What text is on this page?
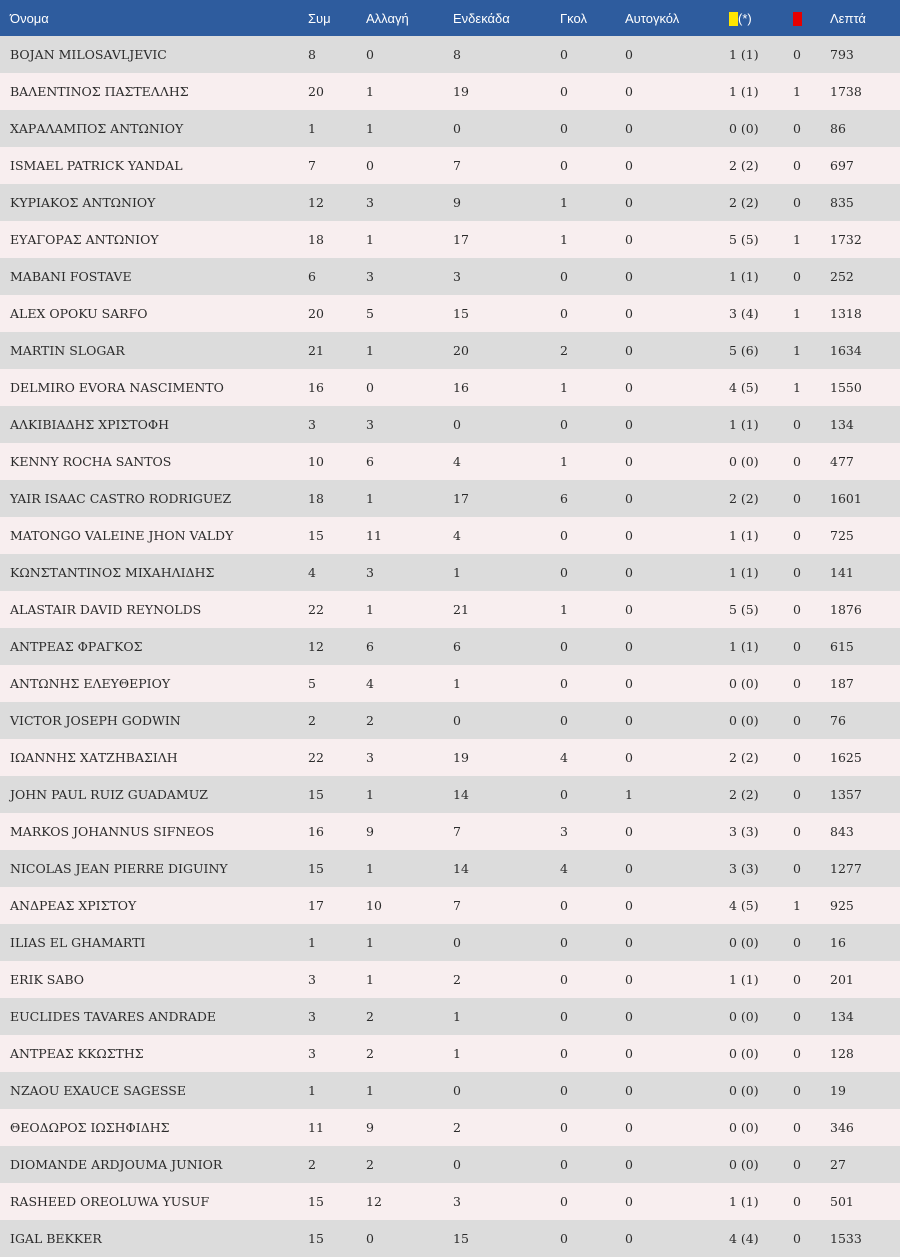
Όνομα	Συμ	Αλλαγή	Ενδεκάδα	Γκολ	Αυτογκόλ	(*)		Λεπτά
BOJAN MILOSAVLJEVIC	8	0	8	0	0	1 (1)	0	793
ΒΑΛΕΝΤΙΝΟΣ ΠΑΣΤΕΛΛΗΣ	20	1	19	0	0	1 (1)	1	1738
ΧΑΡΑΛΑΜΠΟΣ ΑΝΤΩΝΙΟΥ	1	1	0	0	0	0 (0)	0	86
ISMAEL PATRICK YANDAL	7	0	7	0	0	2 (2)	0	697
ΚΥΡΙΑΚΟΣ ΑΝΤΩΝΙΟΥ	12	3	9	1	0	2 (2)	0	835
ΕΥΑΓΟΡΑΣ ΑΝΤΩΝΙΟΥ	18	1	17	1	0	5 (5)	1	1732
MABANI FOSTAVE	6	3	3	0	0	1 (1)	0	252
ALEX OPOKU SARFO	20	5	15	0	0	3 (4)	1	1318
MARTIN SLOGAR	21	1	20	2	0	5 (6)	1	1634
DELMIRO EVORA NASCIMENTO	16	0	16	1	0	4 (5)	1	1550
ΑΛΚΙΒΙΑΔΗΣ ΧΡΙΣΤΟΦΗ	3	3	0	0	0	1 (1)	0	134
KENNY ROCHA SANTOS	10	6	4	1	0	0 (0)	0	477
YAIR ISAAC CASTRO RODRIGUEZ	18	1	17	6	0	2 (2)	0	1601
MATONGO VALEINE JHON VALDY	15	11	4	0	0	1 (1)	0	725
ΚΩΝΣΤΑΝΤΙΝΟΣ ΜΙΧΑΗΛΙΔΗΣ	4	3	1	0	0	1 (1)	0	141
ALASTAIR DAVID REYNOLDS	22	1	21	1	0	5 (5)	0	1876
ΑΝΤΡΕΑΣ ΦΡΑΓΚΟΣ	12	6	6	0	0	1 (1)	0	615
ΑΝΤΩΝΗΣ ΕΛΕΥΘΕΡΙΟΥ	5	4	1	0	0	0 (0)	0	187
VICTOR JOSEPH GODWIN	2	2	0	0	0	0 (0)	0	76
ΙΩΑΝΝΗΣ ΧΑΤΖΗΒΑΣΙΛΗ	22	3	19	4	0	2 (2)	0	1625
JOHN PAUL RUIZ GUADAMUZ	15	1	14	0	1	2 (2)	0	1357
MARKOS JOHANNUS SIFNEOS	16	9	7	3	0	3 (3)	0	843
NICOLAS JEAN PIERRE DIGUINY	15	1	14	4	0	3 (3)	0	1277
ΑΝΔΡΕΑΣ ΧΡΙΣΤΟΥ	17	10	7	0	0	4 (5)	1	925
ILIAS EL GHAMARTI	1	1	0	0	0	0 (0)	0	16
ERIK SABO	3	1	2	0	0	1 (1)	0	201
EUCLIDES TAVARES ANDRADE	3	2	1	0	0	0 (0)	0	134
ΑΝΤΡΕΑΣ ΚΚΩΣΤΗΣ	3	2	1	0	0	0 (0)	0	128
NZAOU EXAUCE SAGESSE	1	1	0	0	0	0 (0)	0	19
ΘΕΟΔΩΡΟΣ ΙΩΣΗΦΙΔΗΣ	11	9	2	0	0	0 (0)	0	346
DIOMANDE ARDJOUMA JUNIOR	2	2	0	0	0	0 (0)	0	27
RASHEED OREOLUWA YUSUF	15	12	3	0	0	1 (1)	0	501
IGAL BEKKER	15	0	15	0	0	4 (4)	0	1533
